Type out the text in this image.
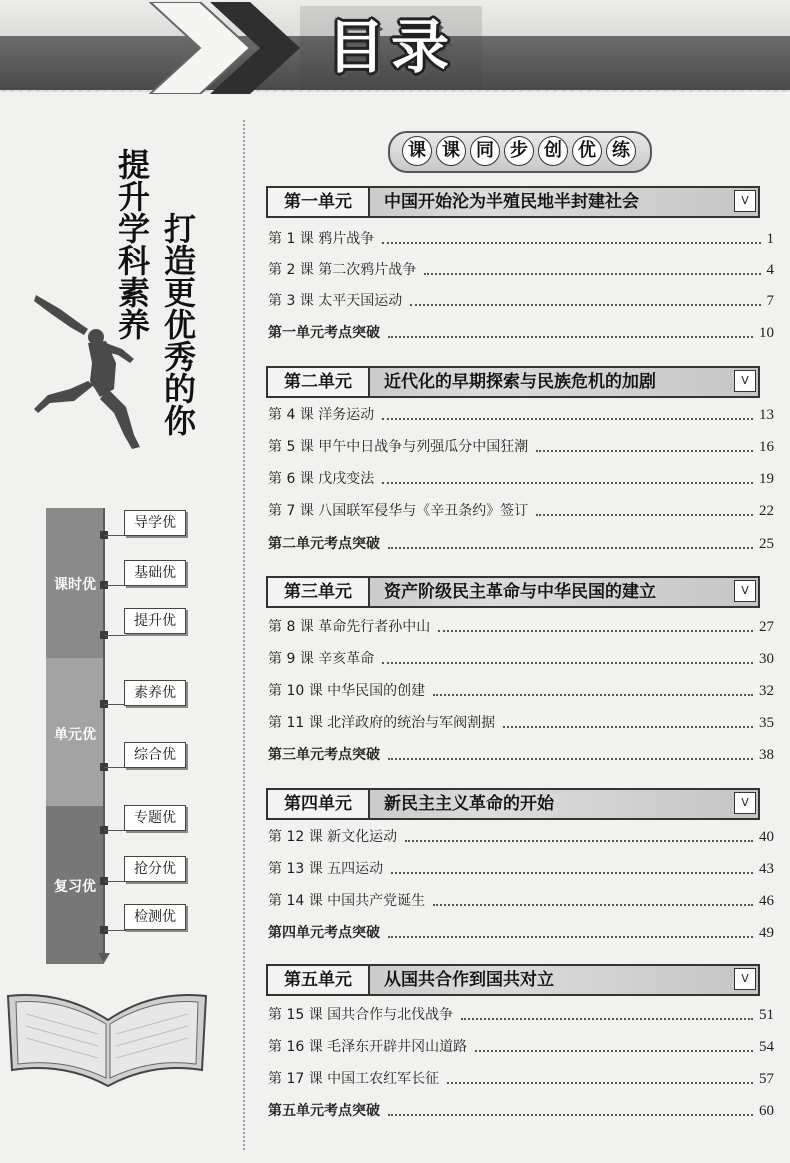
目录
提升学科素养 打造更优秀的你
课时优
单元优
复习优
导学优
基础优
提升优
素养优
综合优
专题优
抢分优
检测优
课 课 同 步 创 优 练
第一单元	中国开始沦为半殖民地半封建社会	V
第 1 课 鸦片战争	1
第 2 课 第二次鸦片战争	4
第 3 课 太平天国运动	7
第一单元考点突破	10
第二单元	近代化的早期探索与民族危机的加剧	V
第 4 课 洋务运动	13
第 5 课 甲午中日战争与列强瓜分中国狂潮	16
第 6 课 戊戌变法	19
第 7 课 八国联军侵华与《辛丑条约》签订	22
第二单元考点突破	25
第三单元	资产阶级民主革命与中华民国的建立	V
第 8 课 革命先行者孙中山	27
第 9 课 辛亥革命	30
第 10 课 中华民国的创建	32
第 11 课 北洋政府的统治与军阀割据	35
第三单元考点突破	38
第四单元	新民主主义革命的开始	V
第 12 课 新文化运动	40
第 13 课 五四运动	43
第 14 课 中国共产党诞生	46
第四单元考点突破	49
第五单元	从国共合作到国共对立	V
第 15 课 国共合作与北伐战争	51
第 16 课 毛泽东开辟井冈山道路	54
第 17 课 中国工农红军长征	57
第五单元考点突破	60
